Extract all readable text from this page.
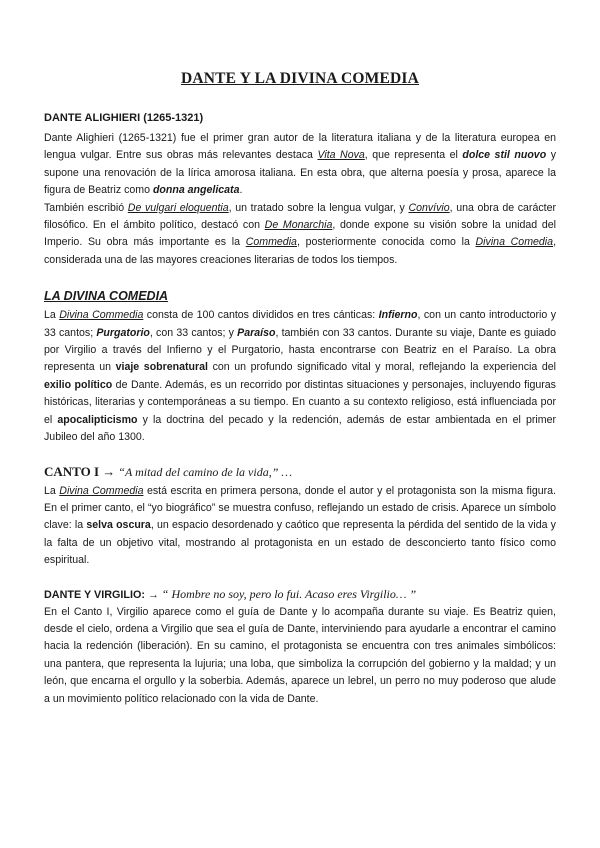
DANTE Y LA DIVINA COMEDIA
DANTE ALIGHIERI (1265-1321)

Dante Alighieri (1265-1321) fue el primer gran autor de la literatura italiana y de la literatura europea en lengua vulgar. Entre sus obras más relevantes destaca Vita Nova, que representa el dolce stil nuovo y supone una renovación de la lírica amorosa italiana. En esta obra, que alterna poesía y prosa, aparece la figura de Beatriz como donna angelicata.

También escribió De vulgari eloquentia, un tratado sobre la lengua vulgar, y Convívio, una obra de carácter filosófico. En el ámbito político, destacó con De Monarchia, donde expone su visión sobre la unidad del Imperio. Su obra más importante es la Commedia, posteriormente conocida como la Divina Comedia, considerada una de las mayores creaciones literarias de todos los tiempos.

LA DIVINA COMEDIA

La Divina Commedia consta de 100 cantos divididos en tres cánticas: Infierno, con un canto introductorio y 33 cantos; Purgatorio, con 33 cantos; y Paraíso, también con 33 cantos. Durante su viaje, Dante es guiado por Virgilio a través del Infierno y el Purgatorio, hasta encontrarse con Beatriz en el Paraíso. La obra representa un viaje sobrenatural con un profundo significado vital y moral, reflejando la experiencia del exilio político de Dante. Además, es un recorrido por distintas situaciones y personajes, incluyendo figuras históricas, literarias y contemporáneas a su tiempo. En cuanto a su contexto religioso, está influenciada por el apocalipticismo y la doctrina del pecado y la redención, además de estar ambientada en el primer Jubileo del año 1300.

CANTO I → “A mitad del camino de la vida,” …

La Divina Commedia está escrita en primera persona, donde el autor y el protagonista son la misma figura. En el primer canto, el “yo biográfico” se muestra confuso, reflejando un estado de crisis. Aparece un símbolo clave: la selva oscura, un espacio desordenado y caótico que representa la pérdida del sentido de la vida y la falta de un objetivo vital, mostrando al protagonista en un estado de desconcierto tanto físico como espiritual.

DANTE Y VIRGILIO: → “ Hombre no soy, pero lo fui. Acaso eres Virgilio… ”

En el Canto I, Virgilio aparece como el guía de Dante y lo acompaña durante su viaje. Es Beatriz quien, desde el cielo, ordena a Virgilio que sea el guía de Dante, interviniendo para ayudarle a encontrar el camino hacia la redención (liberación). En su camino, el protagonista se encuentra con tres animales simbólicos: una pantera, que representa la lujuria; una loba, que simboliza la corrupción del gobierno y la maldad; y un león, que encarna el orgullo y la soberbia. Además, aparece un lebrel, un perro no muy poderoso que alude a un movimiento político relacionado con la vida de Dante.
